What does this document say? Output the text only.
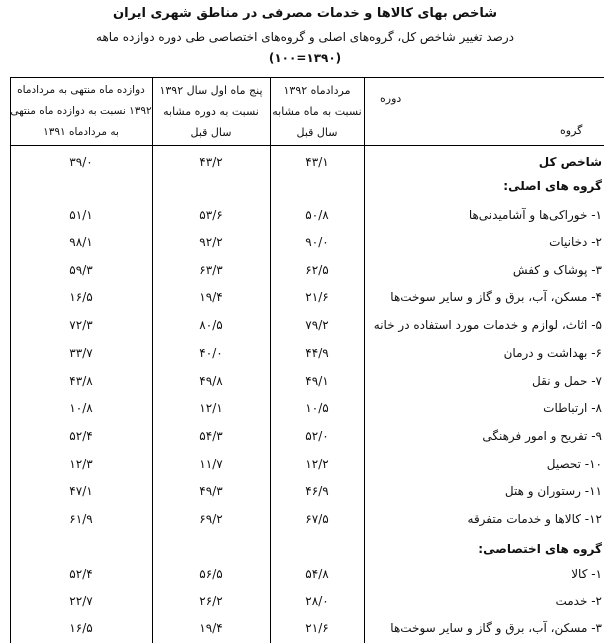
شاخص بهای کالاها و خدمات مصرفی در مناطق شهری ایران
درصد تغییر شاخص کل، گروه‌های اصلی و گروه‌های اختصاصی طی دوره دوازده ماهه
(۱۳۹۰=۱۰۰)
مردادماه ۱۳۹۲
نسبت به ماه مشابه
سال قبل
پنج ماه اول سال ۱۳۹۲
نسبت به دوره مشابه
سال قبل
دوازده ماه منتهی به مردادماه
۱۳۹۲ نسبت به دوازده ماه منتهی
به مردادماه ۱۳۹۱
دوره
گروه
شاخص کل
۴۳/۱
۴۳/۲
۳۹/۰
گروه های اصلی:
۱- خوراکی‌ها و آشامیدنی‌ها
۵۰/۸
۵۳/۶
۵۱/۱
۲- دخانیات
۹۰/۰
۹۲/۲
۹۸/۱
۳- پوشاک و کفش
۶۲/۵
۶۳/۳
۵۹/۳
۴- مسکن، آب، برق و گاز و سایر سوخت‌ها
۲۱/۶
۱۹/۴
۱۶/۵
۵- اثاث، لوازم و خدمات مورد استفاده در خانه
۷۹/۲
۸۰/۵
۷۲/۳
۶- بهداشت و درمان
۴۴/۹
۴۰/۰
۳۳/۷
۷- حمل و نقل
۴۹/۱
۴۹/۸
۴۳/۸
۸- ارتباطات
۱۰/۵
۱۲/۱
۱۰/۸
۹- تفریح و امور فرهنگی
۵۲/۰
۵۴/۳
۵۲/۴
۱۰- تحصیل
۱۲/۲
۱۱/۷
۱۲/۳
۱۱- رستوران و هتل
۴۶/۹
۴۹/۳
۴۷/۱
۱۲- کالاها و خدمات متفرقه
۶۷/۵
۶۹/۲
۶۱/۹
گروه های اختصاصی:
۱- کالا
۵۴/۸
۵۶/۵
۵۲/۴
۲- خدمت
۲۸/۰
۲۶/۲
۲۲/۷
۳- مسکن، آب، برق و گاز و سایر سوخت‌ها
۲۱/۶
۱۹/۴
۱۶/۵
